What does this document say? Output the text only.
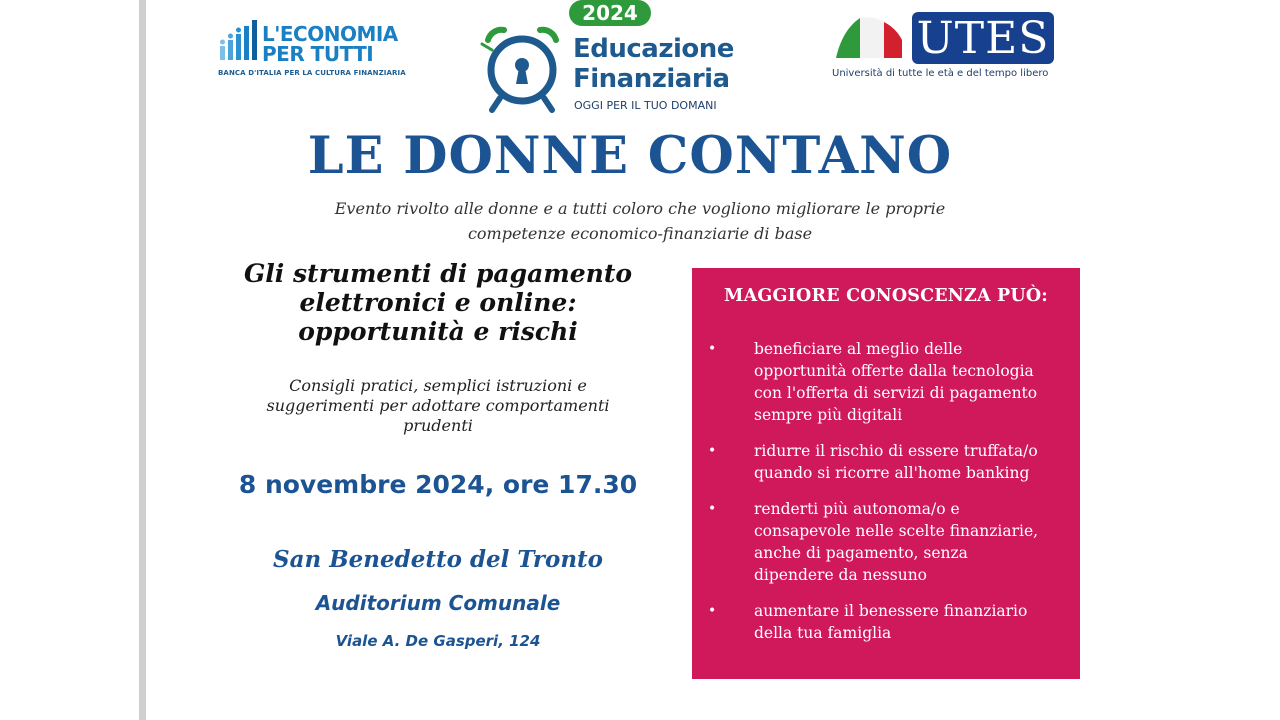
L'ECONOMIA
PER TUTTI
BANCA D'ITALIA PER LA CULTURA FINANZIARIA
2024
Educazione
Finanziaria
OGGI PER IL TUO DOMANI
UTES
Università di tutte le età e del tempo libero
LE DONNE CONTANO
Evento rivolto alle donne e a tutti coloro che vogliono migliorare le proprie
competenze economico-finanziarie di base
Gli strumenti di pagamento
elettronici e online:
opportunità e rischi
Consigli pratici, semplici istruzioni e
suggerimenti per adottare comportamenti
prudenti
8 novembre 2024, ore 17.30
San Benedetto del Tronto
Auditorium Comunale
Viale A. De Gasperi, 124
MAGGIORE CONOSCENZA PUÒ:
• beneficiare al meglio delle opportunità offerte dalla tecnologia con l'offerta di servizi di pagamento sempre più digitali
• ridurre il rischio di essere truffata/o quando si ricorre all'home banking
• renderti più autonoma/o e consapevole nelle scelte finanziarie, anche di pagamento, senza dipendere da nessuno
• aumentare il benessere finanziario della tua famiglia
